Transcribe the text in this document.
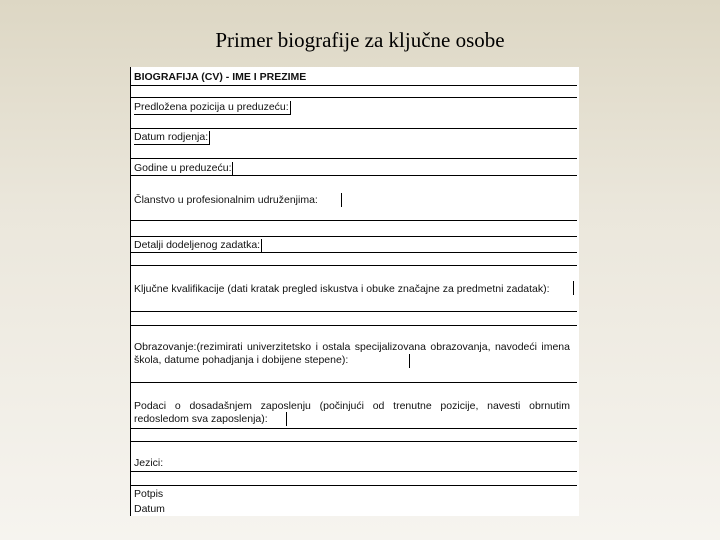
Primer biografije za ključne osobe
BIOGRAFIJA (CV) - IME I PREZIME
Predložena pozicija u preduzeću:
Datum rodjenja:
Godine u preduzeću:
Članstvo u profesionalnim udruženjima:
Detalji dodeljenog zadatka:
Ključne kvalifikacije (dati kratak pregled iskustva i obuke značajne za predmetni zadatak):
Obrazovanje:(rezimirati univerzitetsko i ostala specijalizovana obrazovanja, navodeći imena škola, datume pohadjanja i dobijene stepene):
Podaci o dosadašnjem zaposlenju (počinjući od trenutne pozicije, navesti obrnutim redosledom sva zaposlenja):
Jezici:
Potpis
Datum
